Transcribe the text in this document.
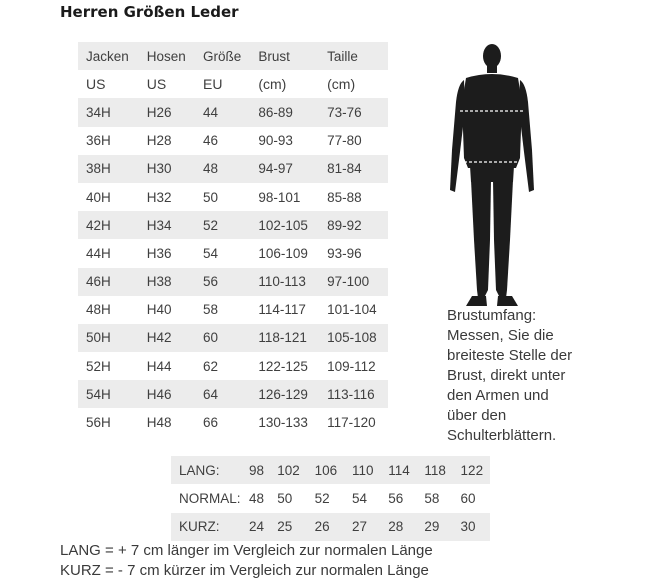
Herren Größen Leder
Jacken	Hosen	Größe	Brust	Taille
US	US	EU	(cm)	(cm)
34H	H26	44	86-89	73-76
36H	H28	46	90-93	77-80
38H	H30	48	94-97	81-84
40H	H32	50	98-101	85-88
42H	H34	52	102-105	89-92
44H	H36	54	106-109	93-96
46H	H38	56	110-113	97-100
48H	H40	58	114-117	101-104
50H	H42	60	118-121	105-108
52H	H44	62	122-125	109-112
54H	H46	64	126-129	113-116
56H	H48	66	130-133	117-120
Brustumfang:
Messen, Sie die
breiteste Stelle der
Brust, direkt unter
den Armen und
über den
Schulterblättern.
LANG:	98	102	106	110	114	118	122
NORMAL:	48	50	52	54	56	58	60
KURZ:	24	25	26	27	28	29	30
LANG = + 7 cm länger im Vergleich zur normalen Länge
KURZ = - 7 cm kürzer im Vergleich zur normalen Länge
